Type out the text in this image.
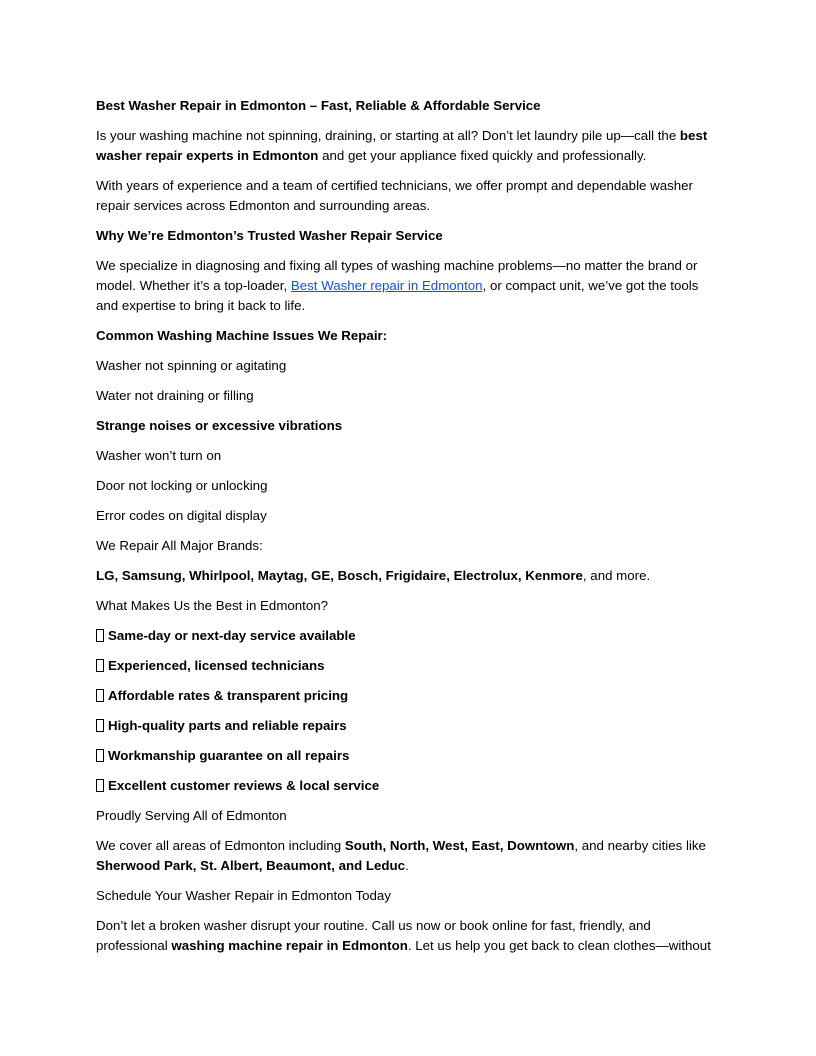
Best Washer Repair in Edmonton – Fast, Reliable & Affordable Service

Is your washing machine not spinning, draining, or starting at all? Don’t let laundry pile up—call the best washer repair experts in Edmonton and get your appliance fixed quickly and professionally.

With years of experience and a team of certified technicians, we offer prompt and dependable washer repair services across Edmonton and surrounding areas.

Why We’re Edmonton’s Trusted Washer Repair Service

We specialize in diagnosing and fixing all types of washing machine problems—no matter the brand or model. Whether it’s a top-loader, Best Washer repair in Edmonton, or compact unit, we’ve got the tools and expertise to bring it back to life.

Common Washing Machine Issues We Repair:

Washer not spinning or agitating

Water not draining or filling

Strange noises or excessive vibrations

Washer won’t turn on

Door not locking or unlocking

Error codes on digital display

We Repair All Major Brands:

LG, Samsung, Whirlpool, Maytag, GE, Bosch, Frigidaire, Electrolux, Kenmore, and more.

What Makes Us the Best in Edmonton?

Same-day or next-day service available

Experienced, licensed technicians

Affordable rates & transparent pricing

High-quality parts and reliable repairs

Workmanship guarantee on all repairs

Excellent customer reviews & local service

Proudly Serving All of Edmonton

We cover all areas of Edmonton including South, North, West, East, Downtown, and nearby cities like Sherwood Park, St. Albert, Beaumont, and Leduc.

Schedule Your Washer Repair in Edmonton Today

Don’t let a broken washer disrupt your routine. Call us now or book online for fast, friendly, and professional washing machine repair in Edmonton. Let us help you get back to clean clothes—without
